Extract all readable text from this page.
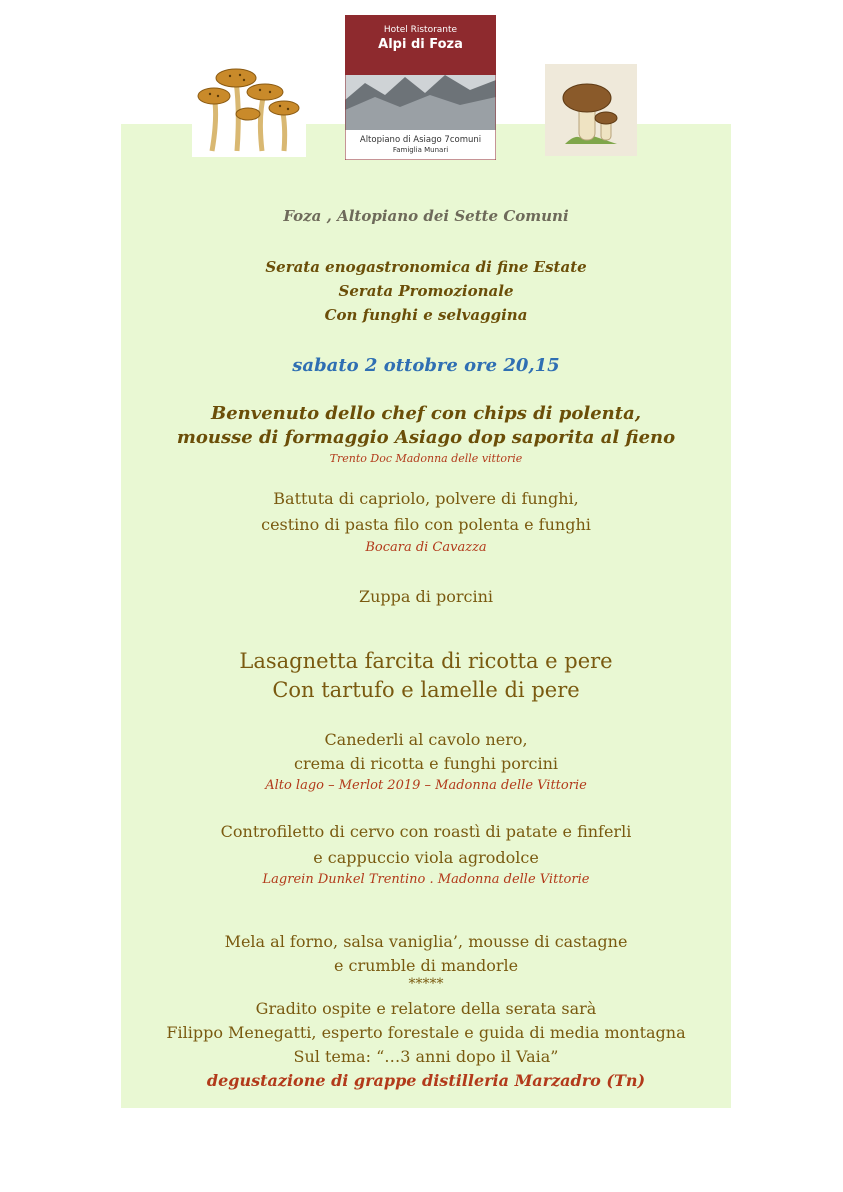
Hotel Ristorante
Alpi di Foza
Altopiano di Asiago 7comuni
Famiglia Munari
Foza , Altopiano dei Sette Comuni
Serata enogastronomica di fine Estate
Serata Promozionale
Con funghi e selvaggina
sabato 2 ottobre ore 20,15
Benvenuto dello chef con chips di polenta,
mousse di formaggio Asiago dop saporita al fieno
Trento Doc Madonna delle vittorie
Battuta di capriolo, polvere di funghi,
cestino di pasta filo con polenta e funghi
Bocara di Cavazza
Zuppa di porcini
Lasagnetta farcita di ricotta e pere
Con tartufo e lamelle di pere
Canederli al cavolo nero,
crema di ricotta e funghi porcini
Alto lago – Merlot 2019 – Madonna delle Vittorie
Controfiletto di cervo con roastì di patate e finferli
e cappuccio viola agrodolce
Lagrein Dunkel Trentino . Madonna delle Vittorie
Mela al forno, salsa vaniglia’, mousse di castagne
e crumble di mandorle
*****
Gradito ospite e relatore della serata sarà
Filippo Menegatti, esperto forestale e guida di media montagna
Sul tema: “…3 anni dopo il Vaia”
degustazione di grappe distilleria Marzadro (Tn)
